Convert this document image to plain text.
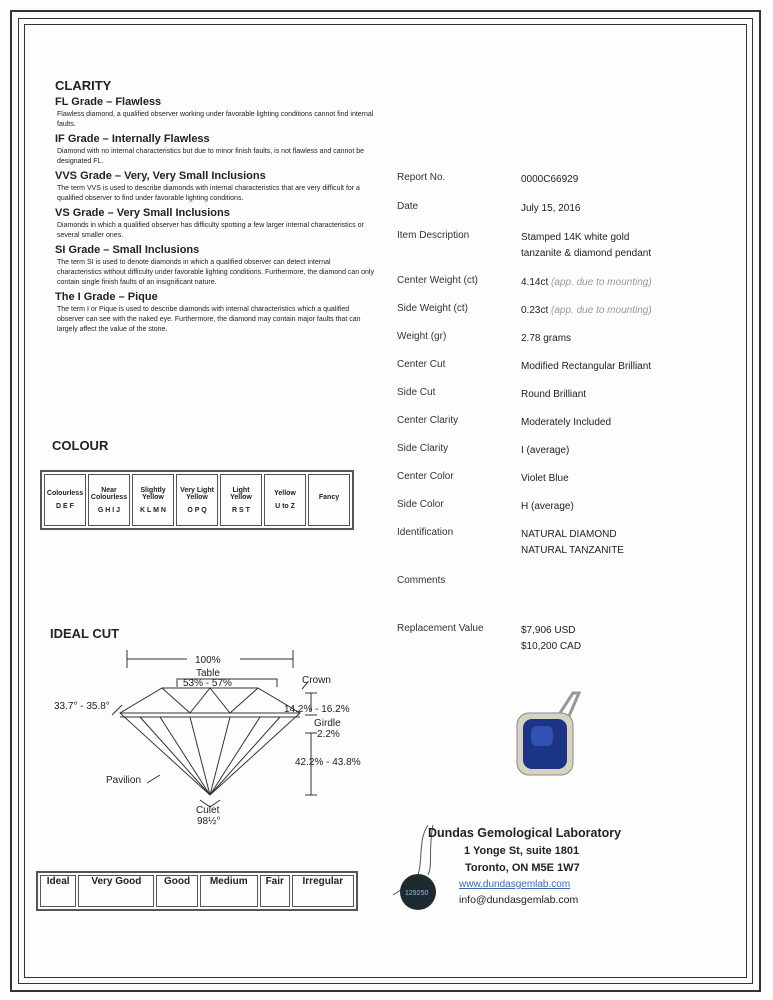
CLARITY
FL Grade – Flawless
Flawless diamond, a qualified observer working under favorable lighting conditions cannot find internal faults.
IF Grade – Internally Flawless
Diamond with no internal characteristics but due to minor finish faults, is not flawless and cannot be designated FL.
VVS Grade – Very, Very Small Inclusions
The term VVS is used to describe diamonds with internal characteristics that are very difficult for a qualified observer to find under favorable lighting conditions.
VS Grade – Very Small Inclusions
Diamonds in which a qualified observer has difficulty spotting a few larger internal characteristics or several smaller ones.
SI Grade – Small Inclusions
The term SI is used to denote diamonds in which a qualified observer can detect internal characteristics without difficulty under favorable lighting conditions. Furthermore, the diamond can only contain single finish faults of an insignificant nature.
The I Grade – Pique
The term I or Pique is used to describe diamonds with internal characteristics which a qualified observer can see with the naked eye. Furthermore, the diamond may contain major faults that can largely affect the value of the stone.
COLOUR
Colourless
D E F

Near Colourless
G H I J

Slightly Yellow
K L M N

Very Light Yellow
O P Q

Light Yellow
R S T

Yellow
U to Z

Fancy
IDEAL CUT
100%
Table
53% - 57%	Crown
33.7° - 35.8°	14.2% - 16.2%
Girdle
2.2%
42.2% - 43.8%
Pavilion
Culet
98½°
Ideal	Very Good	Good	Medium	Fair	Irregular
Report No.	0000C66929
Date	July 15, 2016
Item Description	Stamped 14K white gold tanzanite & diamond pendant
Center Weight (ct)	4.14ct (app. due to mounting)
Side Weight (ct)	0.23ct (app. due to mounting)
Weight (gr)	2.78 grams
Center Cut	Modified Rectangular Brilliant
Side Cut	Round Brilliant
Center Clarity	Moderately Included
Side Clarity	I (average)
Center Color	Violet Blue
Side Color	H (average)
Identification	NATURAL DIAMOND
NATURAL TANZANITE
Comments
Replacement Value	$7,906 USD
$10,200 CAD
129250
Dundas Gemological Laboratory
1 Yonge St, suite 1801
Toronto, ON M5E 1W7
www.dundasgemlab.com
info@dundasgemlab.com
